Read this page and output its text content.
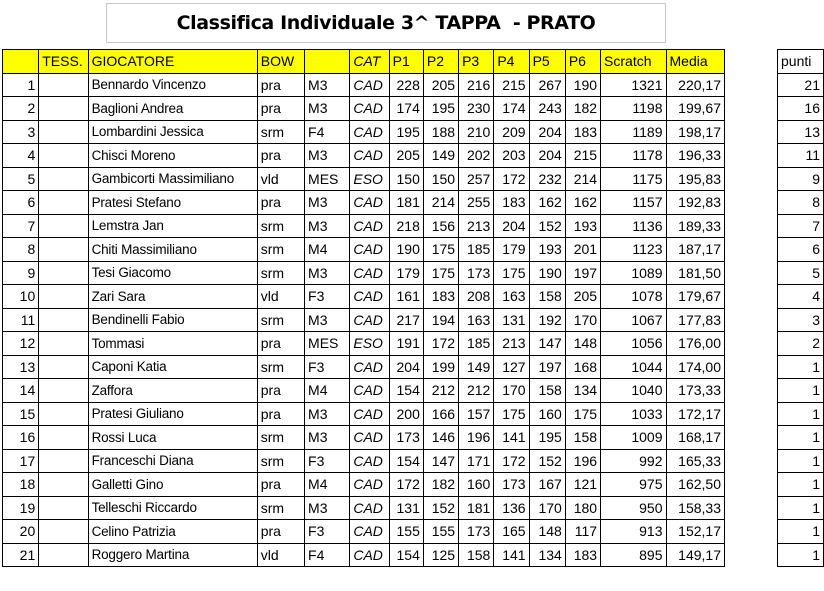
Classifica Individuale 3^ TAPPA  - PRATO
	TESS.	GIOCATORE	BOW		CAT	P1	P2	P3	P4	P5	P6	Scratch	Media
1		Bennardo Vincenzo	pra	M3	CAD	228	205	216	215	267	190	1321	220,17
2		Baglioni Andrea	pra	M3	CAD	174	195	230	174	243	182	1198	199,67
3		Lombardini Jessica	srm	F4	CAD	195	188	210	209	204	183	1189	198,17
4		Chisci Moreno	pra	M3	CAD	205	149	202	203	204	215	1178	196,33
5		Gambicorti Massimiliano	vld	MES	ESO	150	150	257	172	232	214	1175	195,83
6		Pratesi Stefano	pra	M3	CAD	181	214	255	183	162	162	1157	192,83
7		Lemstra Jan	srm	M3	CAD	218	156	213	204	152	193	1136	189,33
8		Chiti Massimiliano	srm	M4	CAD	190	175	185	179	193	201	1123	187,17
9		Tesi Giacomo	srm	M3	CAD	179	175	173	175	190	197	1089	181,50
10		Zari Sara	vld	F3	CAD	161	183	208	163	158	205	1078	179,67
11		Bendinelli Fabio	srm	M3	CAD	217	194	163	131	192	170	1067	177,83
12		Tommasi	pra	MES	ESO	191	172	185	213	147	148	1056	176,00
13		Caponi Katia	srm	F3	CAD	204	199	149	127	197	168	1044	174,00
14		Zaffora	pra	M4	CAD	154	212	212	170	158	134	1040	173,33
15		Pratesi Giuliano	pra	M3	CAD	200	166	157	175	160	175	1033	172,17
16		Rossi Luca	srm	M3	CAD	173	146	196	141	195	158	1009	168,17
17		Franceschi Diana	srm	F3	CAD	154	147	171	172	152	196	992	165,33
18		Galletti Gino	pra	M4	CAD	172	182	160	173	167	121	975	162,50
19		Telleschi Riccardo	srm	M3	CAD	131	152	181	136	170	180	950	158,33
20		Celino Patrizia	pra	F3	CAD	155	155	173	165	148	117	913	152,17
21		Roggero Martina	vld	F4	CAD	154	125	158	141	134	183	895	149,17
punti
21
16
13
11
9
8
7
6
5
4
3
2
1
1
1
1
1
1
1
1
1
